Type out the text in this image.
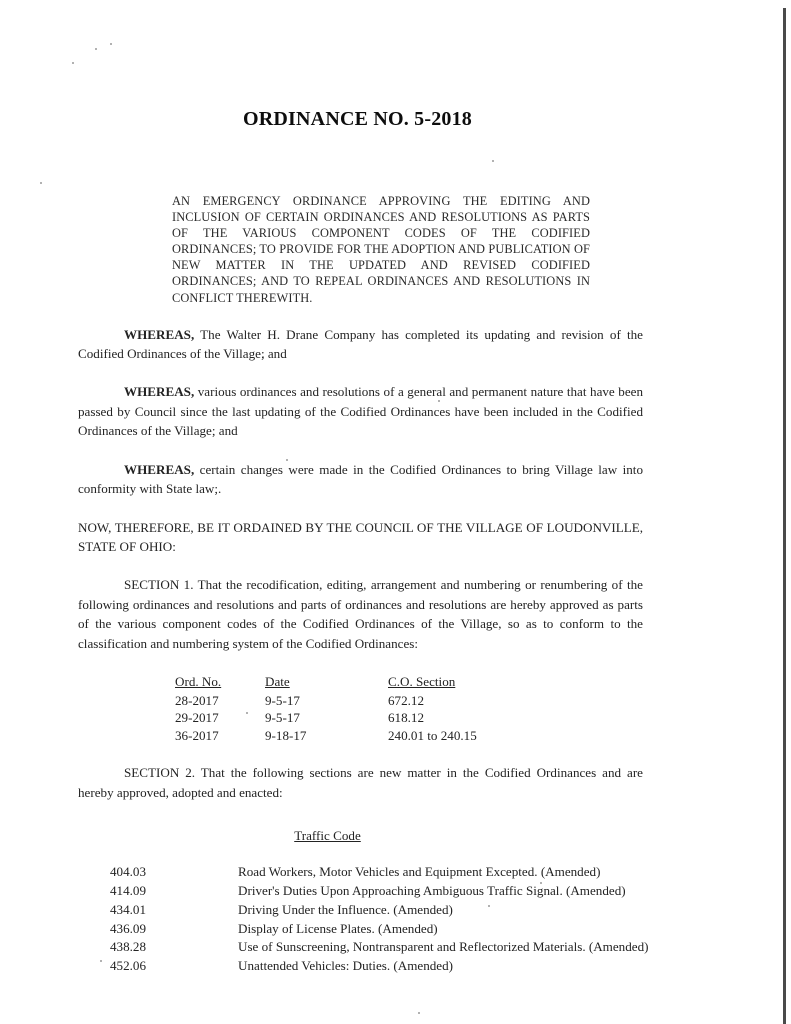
ORDINANCE NO. 5-2018
AN EMERGENCY ORDINANCE APPROVING THE EDITING AND INCLUSION OF CERTAIN ORDINANCES AND RESOLUTIONS AS PARTS OF THE VARIOUS COMPONENT CODES OF THE CODIFIED ORDINANCES; TO PROVIDE FOR THE ADOPTION AND PUBLICATION OF NEW MATTER IN THE UPDATED AND REVISED CODIFIED ORDINANCES; AND TO REPEAL ORDINANCES AND RESOLUTIONS IN CONFLICT THEREWITH.

WHEREAS, The Walter H. Drane Company has completed its updating and revision of the Codified Ordinances of the Village; and

WHEREAS, various ordinances and resolutions of a general and permanent nature that have been passed by Council since the last updating of the Codified Ordinances have been included in the Codified Ordinances of the Village; and

WHEREAS, certain changes were made in the Codified Ordinances to bring Village law into conformity with State law;.

NOW, THEREFORE, BE IT ORDAINED BY THE COUNCIL OF THE VILLAGE OF LOUDONVILLE, STATE OF OHIO:

SECTION 1. That the recodification, editing, arrangement and numbering or renumbering of the following ordinances and resolutions and parts of ordinances and resolutions are hereby approved as parts of the various component codes of the Codified Ordinances of the Village, so as to conform to the classification and numbering system of the Codified Ordinances:

Ord. No.	Date	C.O. Section
28-2017	9-5-17	672.12
29-2017	9-5-17	618.12
36-2017	9-18-17	240.01 to 240.15

SECTION 2. That the following sections are new matter in the Codified Ordinances and are hereby approved, adopted and enacted:

Traffic Code
404.03	Road Workers, Motor Vehicles and Equipment Excepted. (Amended)
414.09	Driver's Duties Upon Approaching Ambiguous Traffic Signal. (Amended)
434.01	Driving Under the Influence. (Amended)
436.09	Display of License Plates. (Amended)
438.28	Use of Sunscreening, Nontransparent and Reflectorized Materials. (Amended)
452.06	Unattended Vehicles: Duties. (Amended)
